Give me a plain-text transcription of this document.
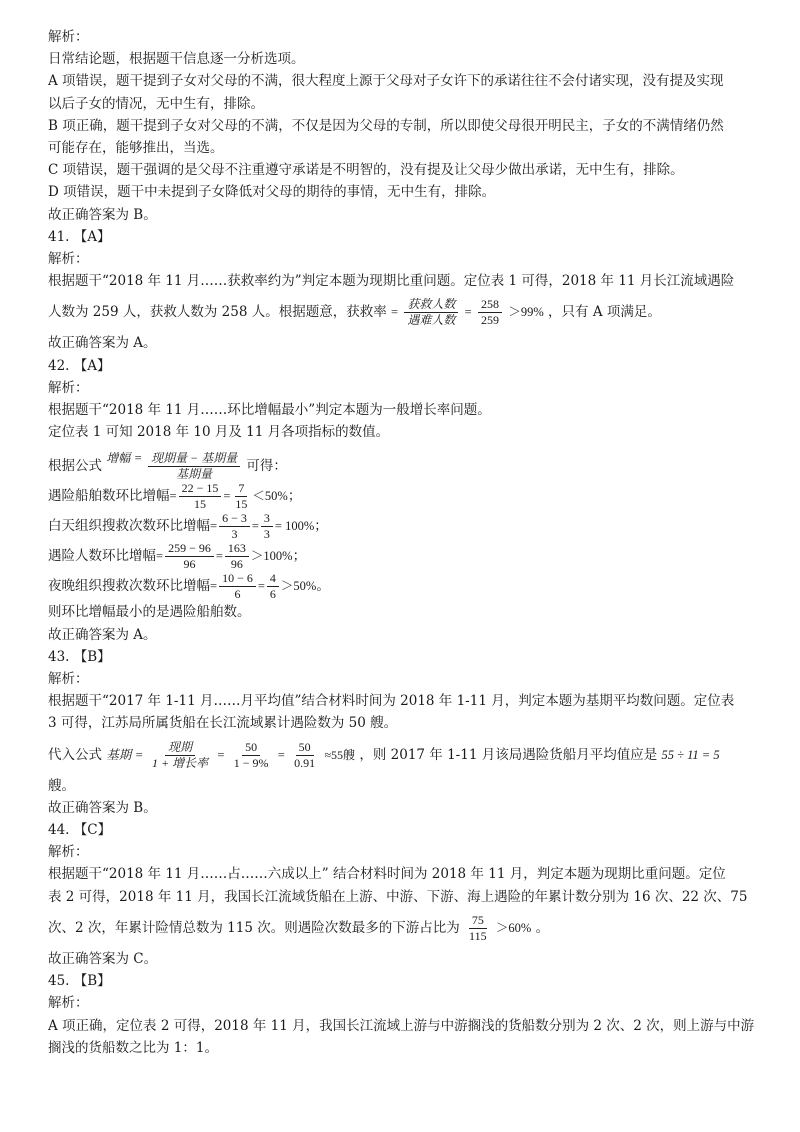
解析：
日常结论题，根据题干信息逐一分析选项。
A 项错误，题干提到子女对父母的不满，很大程度上源于父母对子女许下的承诺往往不会付诸实现，没有提及实现
以后子女的情况，无中生有，排除。
B 项正确，题干提到子女对父母的不满，不仅是因为父母的专制，所以即使父母很开明民主，子女的不满情绪仍然
可能存在，能够推出，当选。
C 项错误，题干强调的是父母不注重遵守承诺是不明智的，没有提及让父母少做出承诺，无中生有，排除。
D 项错误，题干中未提到子女降低对父母的期待的事情，无中生有，排除。
故正确答案为 B。
41. 【A】
解析：
根据题干“2018 年 11 月……获救率约为”判定本题为现期比重问题。定位表 1 可得，2018 年 11 月长江流域遇险
人数为 259 人，获救人数为 258 人。根据题意，获救率 = $\frac{\text{获救人数}}{\text{遇难人数}} = \frac{258}{259} >99\%$ ，只有 A 项满足。
故正确答案为 A。
42. 【A】
解析：
根据题干“2018 年 11 月……环比增幅最小”判定本题为一般增长率问题。
定位表 1 可知 2018 年 10 月及 11 月各项指标的数值。
根据公式 增幅 = $\frac{\text{现期量 − 基期量}}{\text{基期量}}$ 可得：
遇险船舶数环比增幅= $\frac{22 - 15}{15} = \frac{7}{15} <50\%$；
白天组织搜救次数环比增幅= $\frac{6 - 3}{3} = \frac{3}{3} = 100\%$；
遇险人数环比增幅= $\frac{259 - 96}{96} = \frac{163}{96} >100\%$；
夜晚组织搜救次数环比增幅= $\frac{10 - 6}{6} = \frac{4}{6} >50\%$。
则环比增幅最小的是遇险船舶数。
故正确答案为 A。
43. 【B】
解析：
根据题干“2017 年 1-11 月……月平均值”结合材料时间为 2018 年 1-11 月，判定本题为基期平均数问题。定位表
3 可得，江苏局所属货船在长江流域累计遇险数为 50 艘。
代入公式 基期 = $\frac{\text{现期}}{\text{1 + 增长率}} = \frac{50}{1 - 9\%} = \frac{50}{0.91} \approx 55$艘 ，则 2017 年 1-11 月该局遇险货船月平均值应是 55 ÷ 11 = 5
艘。
故正确答案为 B。
44. 【C】
解析：
根据题干“2018 年 11 月……占……六成以上” 结合材料时间为 2018 年 11 月，判定本题为现期比重问题。定位
表 2 可得，2018 年 11 月，我国长江流域货船在上游、中游、下游、海上遇险的年累计数分别为 16 次、22 次、75
次、2 次，年累计险情总数为 115 次。则遇险次数最多的下游占比为 $\frac{75}{115} >60\%$ 。
故正确答案为 C。
45. 【B】
解析：
A 项正确，定位表 2 可得，2018 年 11 月，我国长江流域上游与中游搁浅的货船数分别为 2 次、2 次，则上游与中游
搁浅的货船数之比为 1：1。
